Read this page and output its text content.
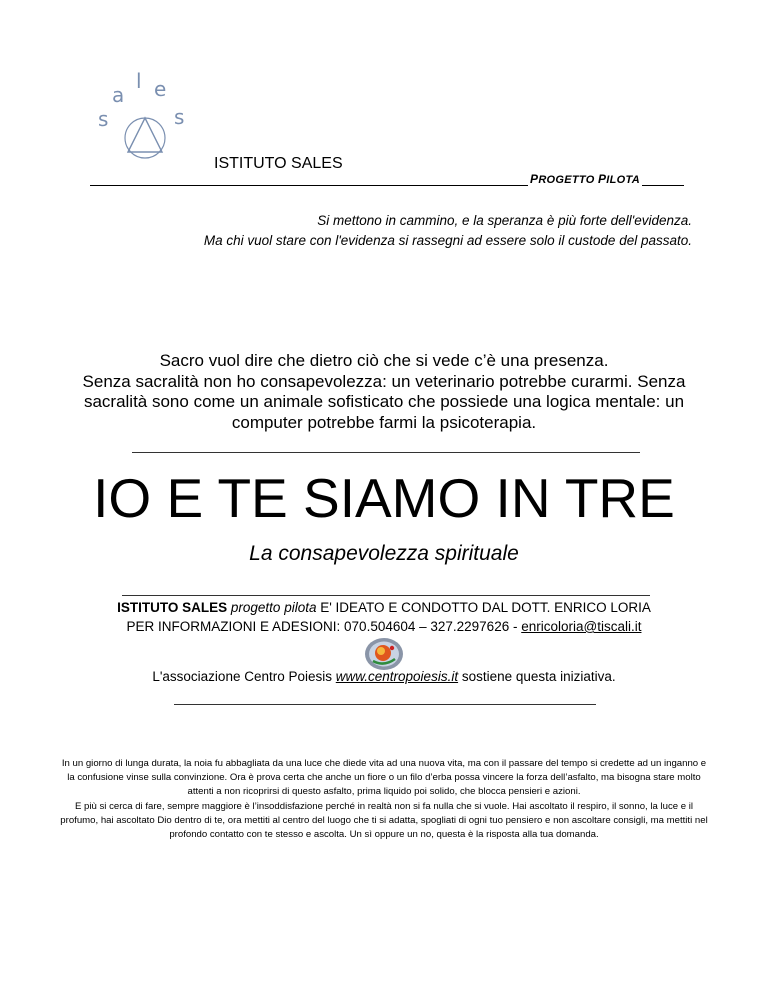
s
a
l e
s
ISTITUTO SALES
PROGETTO PILOTA
Si mettono in cammino, e la speranza è più forte dell'evidenza.
Ma chi vuol stare con l'evidenza si rassegni ad essere solo il custode del passato.
Sacro vuol dire che dietro ciò che si vede c’è una presenza.
Senza sacralità non ho consapevolezza: un veterinario potrebbe curarmi. Senza
sacralità sono come un animale sofisticato che possiede una logica mentale: un
computer potrebbe farmi la psicoterapia.
IO E TE SIAMO IN TRE
La consapevolezza spirituale
ISTITUTO SALES progetto pilota E' IDEATO E CONDOTTO DAL DOTT. ENRICO LORIA
PER INFORMAZIONI E ADESIONI: 070.504604 – 327.2297626 - enricoloria@tiscali.it
L'associazione Centro Poiesis www.centropoiesis.it sostiene questa iniziativa.

In un giorno di lunga durata, la noia fu abbagliata da una luce che diede vita ad una nuova vita, ma con il passare del tempo si credette ad un inganno e la confusione vinse sulla convinzione. Ora è prova certa che anche un fiore o un filo d’erba possa vincere la forza dell’asfalto, ma bisogna stare molto attenti a non ricoprirsi di questo asfalto, prima liquido poi solido, che blocca pensieri e azioni.

E più si cerca di fare, sempre maggiore è l’insoddisfazione perché in realtà non si fa nulla che si vuole. Hai ascoltato il respiro, il sonno, la luce e il profumo, hai ascoltato Dio dentro di te, ora mettiti al centro del luogo che ti si adatta, spogliati di ogni tuo pensiero e non ascoltare consigli, ma mettiti nel profondo contatto con te stesso e ascolta. Un sì oppure un no, questa è la risposta alla tua domanda.
